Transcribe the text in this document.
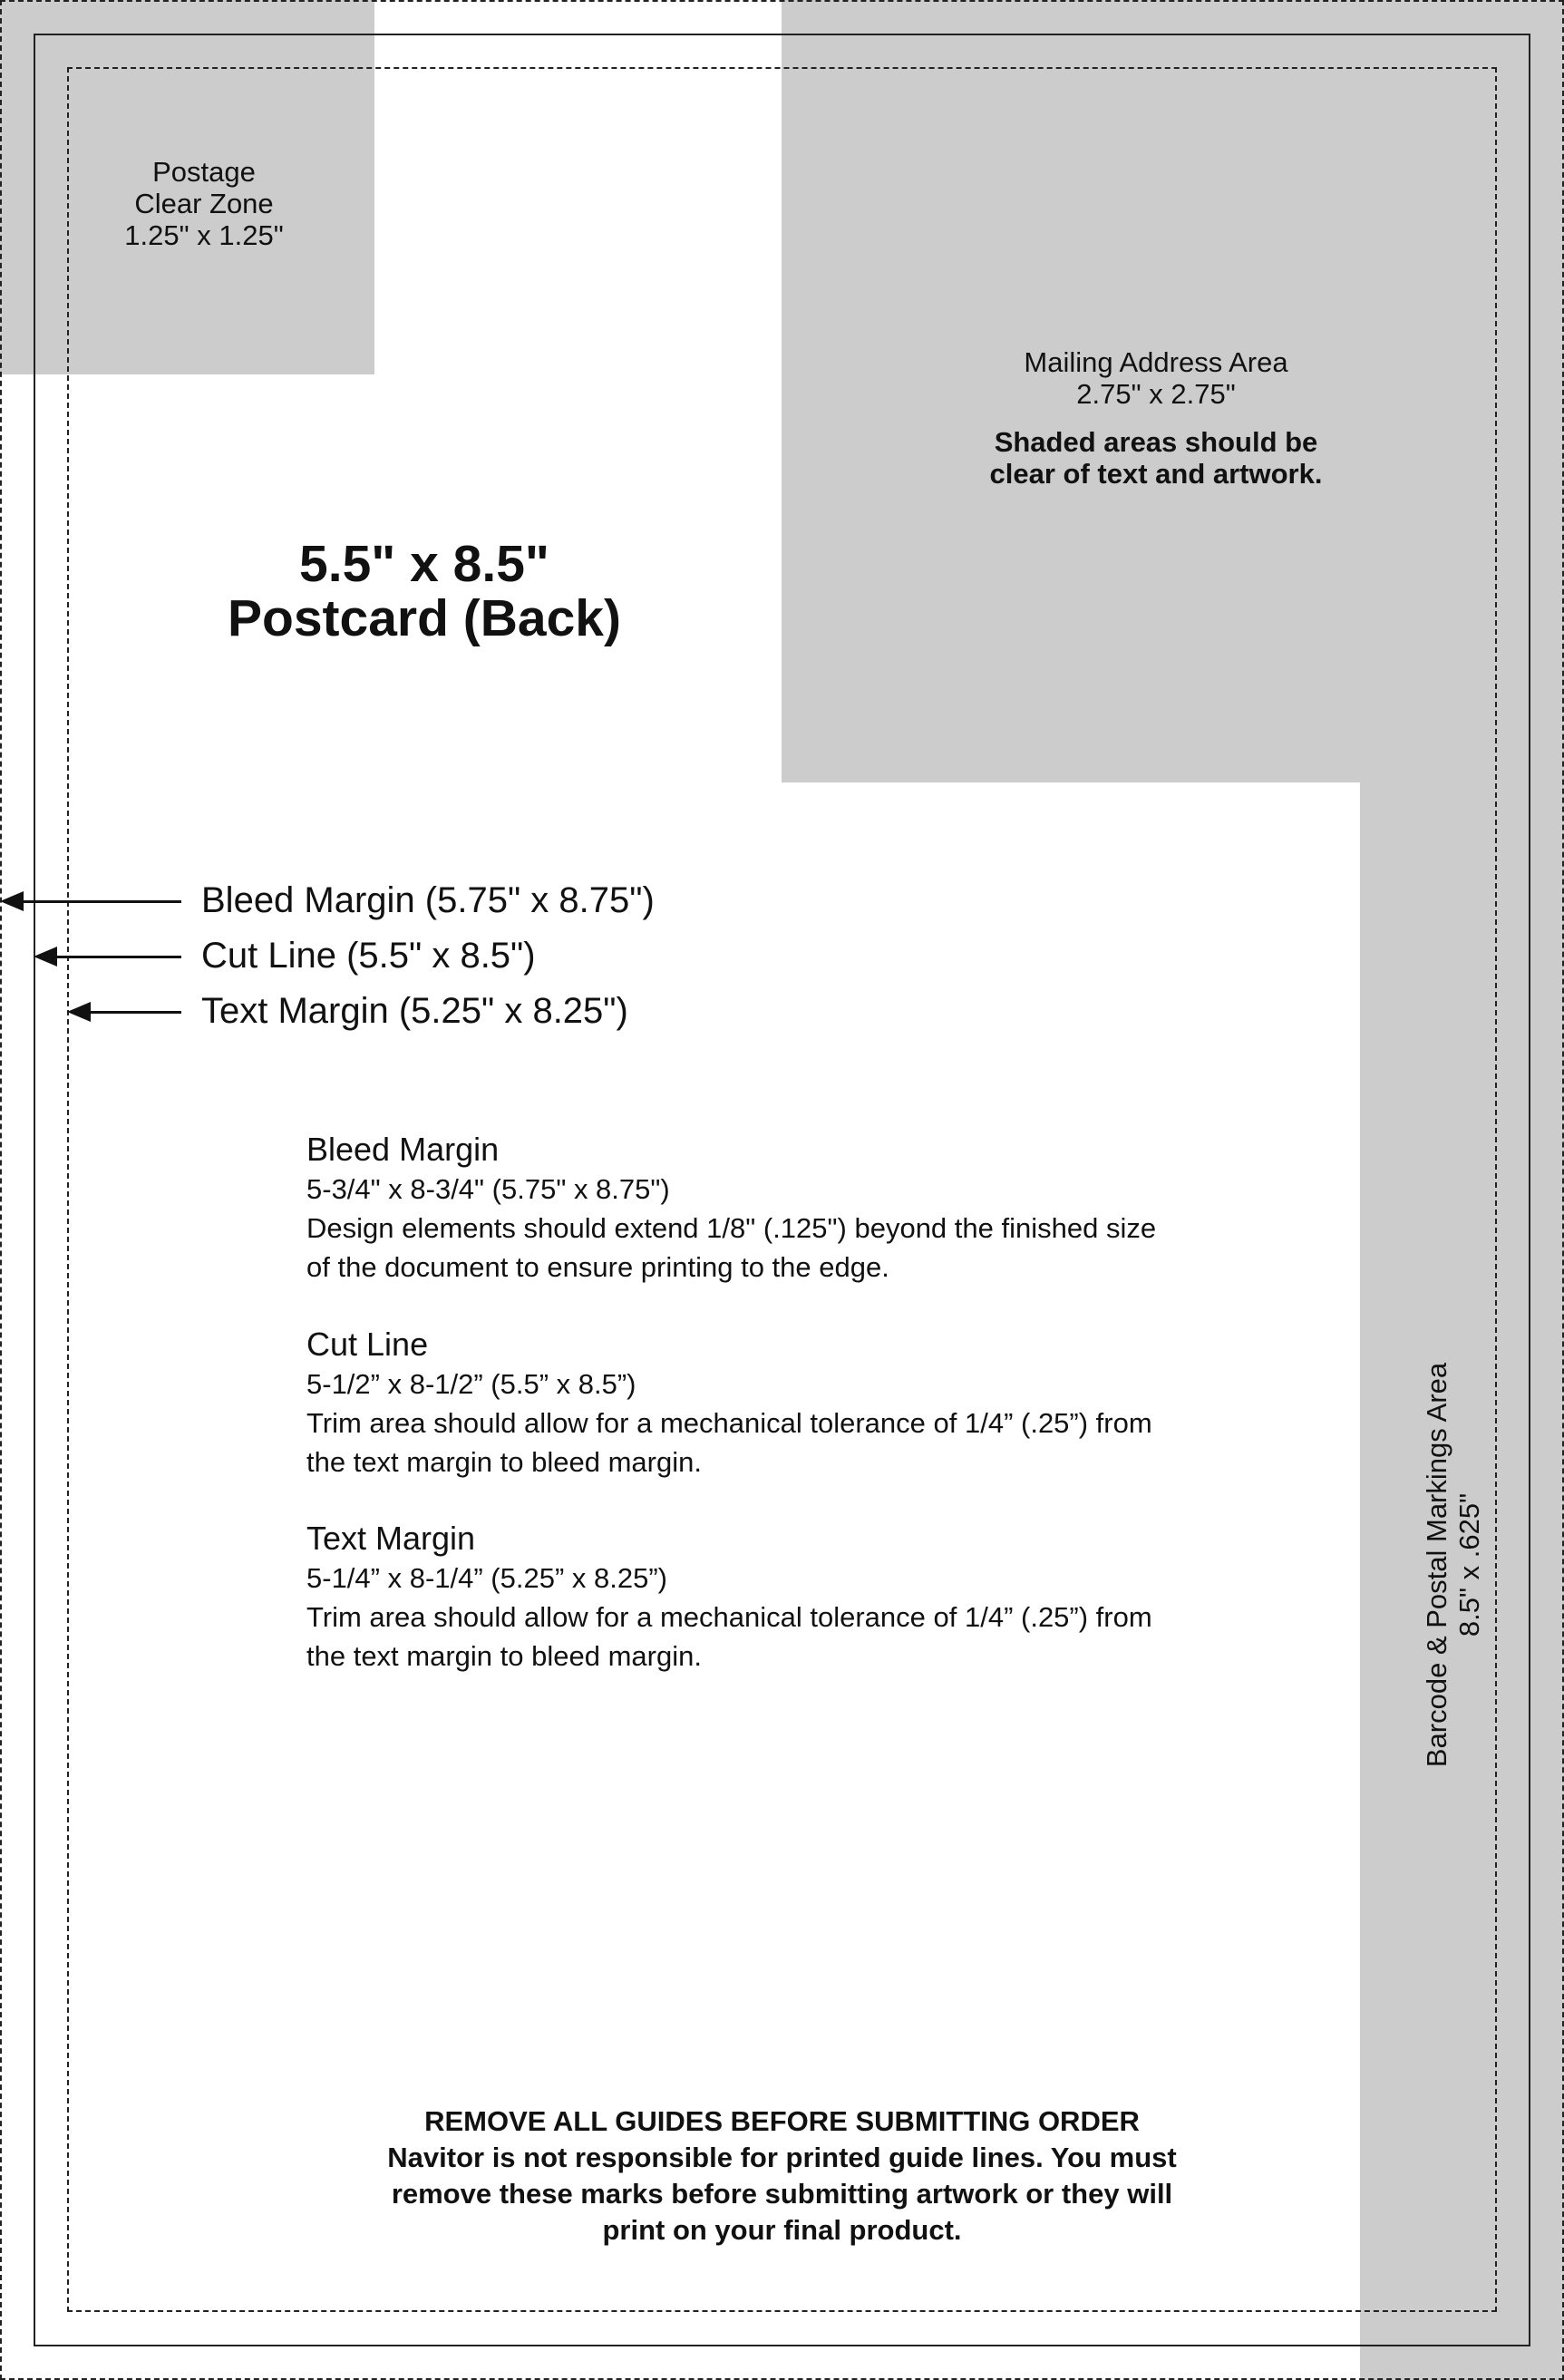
Postage
Clear Zone
1.25" x 1.25"
Mailing Address Area
2.75" x 2.75"
Shaded areas should be
clear of text and artwork.
5.5" x 8.5"
Postcard (Back)
Bleed Margin (5.75" x 8.75")
Cut Line (5.5" x 8.5")
Text Margin (5.25" x 8.25")

Bleed Margin

5-3/4" x 8-3/4" (5.75" x 8.75")

Design elements should extend 1/8" (.125") beyond the finished size

of the document to ensure printing to the edge.

Cut Line

5-1/2” x 8-1/2” (5.5” x 8.5”)

Trim area should allow for a mechanical tolerance of 1/4” (.25”) from

the text margin to bleed margin.

Text Margin

5-1/4” x 8-1/4” (5.25” x 8.25”)

Trim area should allow for a mechanical tolerance of 1/4” (.25”) from

the text margin to bleed margin.	Barcode & Postal Markings Area 8.5" x .625"
REMOVE ALL GUIDES BEFORE SUBMITTING ORDER
Navitor is not responsible for printed guide lines. You must
remove these marks before submitting artwork or they will
print on your final product.
